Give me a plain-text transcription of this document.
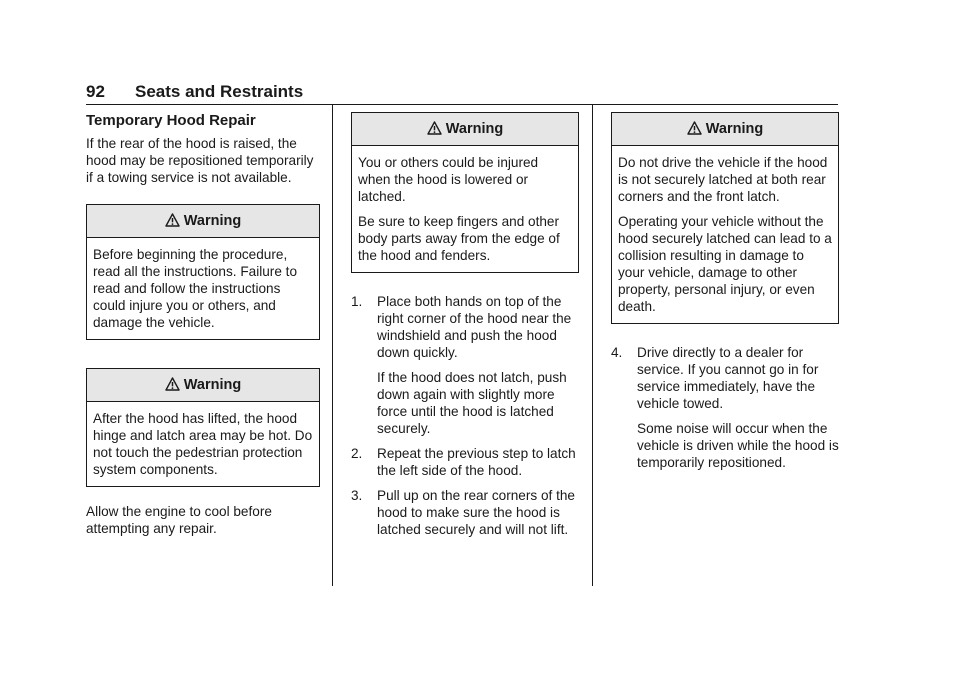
92 Seats and Restraints
Temporary Hood Repair

If the rear of the hood is raised, the hood may be repositioned temporarily if a towing service is not available.

Warning

Before beginning the procedure, read all the instructions. Failure to read and follow the instructions could injure you or others, and damage the vehicle.

Warning

After the hood has lifted, the hood hinge and latch area may be hot. Do not touch the pedestrian protection system components.

Allow the engine to cool before attempting any repair.

Warning

You or others could be injured when the hood is lowered or latched.

Be sure to keep fingers and other body parts away from the edge of the hood and fenders.

1. Place both hands on top of the right corner of the hood near the windshield and push the hood down quickly.
If the hood does not latch, push down again with slightly more force until the hood is latched securely.
2. Repeat the previous step to latch the left side of the hood.
3. Pull up on the rear corners of the hood to make sure the hood is latched securely and will not lift.
Warning

Do not drive the vehicle if the hood is not securely latched at both rear corners and the front latch.

Operating your vehicle without the hood securely latched can lead to a collision resulting in damage to your vehicle, damage to other property, personal injury, or even death.

4. Drive directly to a dealer for service. If you cannot go in for service immediately, have the vehicle towed.
Some noise will occur when the vehicle is driven while the hood is temporarily repositioned.
